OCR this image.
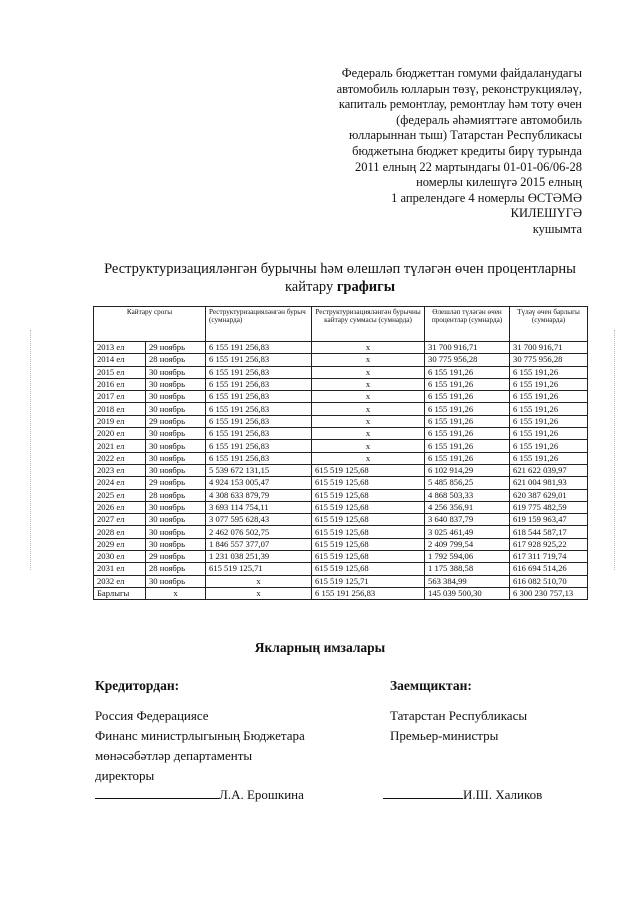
Федераль бюджеттан гомуми файдаланудагы
автомобиль юлларын төзү, реконструкцияләү,
капиталь ремонтлау, ремонтлау һәм тоту өчен
(федераль әһәмияттәге автомобиль
юлларыннан тыш) Татарстан Республикасы
бюджетына бюджет кредиты бирү турында
2011 елның 22 мартындагы 01-01-06/06-28
номерлы килешүгә 2015 елның
1 апрелендәге 4 номерлы ӨСТӘМӘ
КИЛЕШҮГӘ
кушымта
Реструктуризацияләнгән бурычны һәм өлешләп түләгән өчен процентларны
кайтару графигы
Кайтару срогы		Реструктуризацияләнгән бурыч (сумнарда)	Реструктуризацияләнгән бурычны кайтару суммасы (сумнарда)	Өлешләп түләгән өчен процентлар (сумнарда)	Түләү өчен барлыгы (сумнарда)
2013 ел	29 ноябрь	6 155 191 256,83	х	31 700 916,71	31 700 916,71
2014 ел	28 ноябрь	6 155 191 256,83	х	30 775 956,28	30 775 956,28
2015 ел	30 ноябрь	6 155 191 256,83	х	6 155 191,26	6 155 191,26
2016 ел	30 ноябрь	6 155 191 256,83	х	6 155 191,26	6 155 191,26
2017 ел	30 ноябрь	6 155 191 256,83	х	6 155 191,26	6 155 191,26
2018 ел	30 ноябрь	6 155 191 256,83	х	6 155 191,26	6 155 191,26
2019 ел	29 ноябрь	6 155 191 256,83	х	6 155 191,26	6 155 191,26
2020 ел	30 ноябрь	6 155 191 256,83	х	6 155 191,26	6 155 191,26
2021 ел	30 ноябрь	6 155 191 256,83	х	6 155 191,26	6 155 191,26
2022 ел	30 ноябрь	6 155 191 256,83	х	6 155 191,26	6 155 191,26
2023 ел	30 ноябрь	5 539 672 131,15	615 519 125,68	6 102 914,29	621 622 039,97
2024 ел	29 ноябрь	4 924 153 005,47	615 519 125,68	5 485 856,25	621 004 981,93
2025 ел	28 ноябрь	4 308 633 879,79	615 519 125,68	4 868 503,33	620 387 629,01
2026 ел	30 ноябрь	3 693 114 754,11	615 519 125,68	4 256 356,91	619 775 482,59
2027 ел	30 ноябрь	3 077 595 628,43	615 519 125,68	3 640 837,79	619 159 963,47
2028 ел	30 ноябрь	2 462 076 502,75	615 519 125,68	3 025 461,49	618 544 587,17
2029 ел	30 ноябрь	1 846 557 377,07	615 519 125,68	2 409 799,54	617 928 925,22
2030 ел	29 ноябрь	1 231 038 251,39	615 519 125,68	1 792 594,06	617 311 719,74
2031 ел	28 ноябрь	615 519 125,71	615 519 125,68	1 175 388,58	616 694 514,26
2032 ел	30 ноябрь	х	615 519 125,71	563 384,99	616 082 510,70
Барлыгы	х	х	6 155 191 256,83	145 039 500,30	6 300 230 757,13
Якларның имзалары
Кредитордан:	Заемщиктан:
Россия Федерациясе
Финанс министрлыгының Бюджетара
мөнәсәбәтләр департаменты
директоры
Татарстан Республикасы
Премьер-министры
Л.А. Ерошкина	И.Ш. Халиков
